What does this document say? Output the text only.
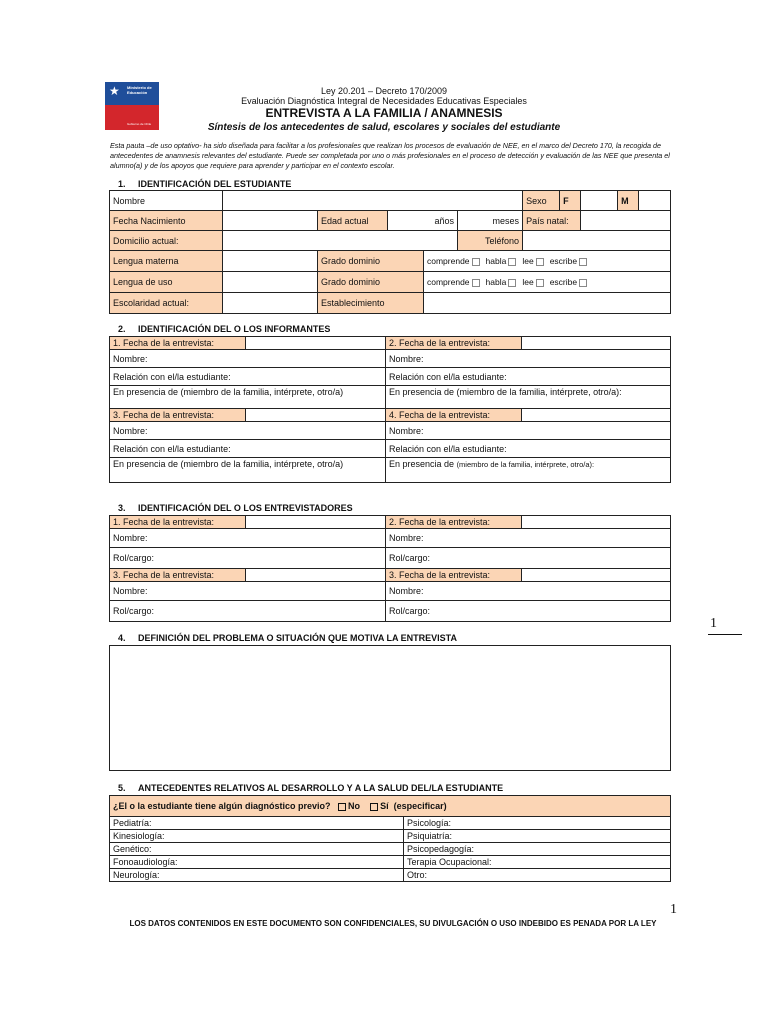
★ Ministerio de Educación
Gobierno de Chile
Ley 20.201 – Decreto 170/2009
Evaluación Diagnóstica Integral de Necesidades Educativas Especiales
ENTREVISTA A LA FAMILIA / ANAMNESIS
Síntesis de los antecedentes de salud, escolares y sociales del estudiante
Esta pauta –de uso optativo- ha sido diseñada para facilitar a los profesionales que realizan los procesos de evaluación de NEE, en el marco del Decreto 170, la recogida de antecedentes de anamnesis relevantes del estudiante. Puede ser completada por uno o más profesionales en el proceso de detección y evaluación de las NEE que presenta el alumno(a) y de los apoyos que requiere para aprender y participar en el contexto escolar.
1. IDENTIFICACIÓN DEL ESTUDIANTE
Nombre						Sexo	F		M	
Fecha Nacimiento		Edad actual	años		meses	País natal:				
Domicilio actual:					Teléfono					
Lengua materna		Grado dominio		comprende habla lee escribe						
Lengua de uso		Grado dominio		comprende habla lee escribe						
Escolaridad actual:		Establecimiento								
2. IDENTIFICACIÓN DEL O LOS INFORMANTES
1. Fecha de la entrevista:		2. Fecha de la entrevista:	
Nombre:		Nombre:	
Relación con el/la estudiante:		Relación con el/la estudiante:	
En presencia de (miembro de la familia, intérprete, otro/a)		En presencia de (miembro de la familia, intérprete, otro/a):	
3. Fecha de la entrevista:		4. Fecha de la entrevista:	
Nombre:		Nombre:	
Relación con el/la estudiante:		Relación con el/la estudiante:	
En presencia de (miembro de la familia, intérprete, otro/a)		En presencia de (miembro de la familia, intérprete, otro/a):	
3. IDENTIFICACIÓN DEL O LOS ENTREVISTADORES
1. Fecha de la entrevista:		2. Fecha de la entrevista:	
Nombre:		Nombre:	
Rol/cargo:		Rol/cargo:	
3. Fecha de la entrevista:		3. Fecha de la entrevista:	
Nombre:		Nombre:	
Rol/cargo:		Rol/cargo:	
4. DEFINICIÓN DEL PROBLEMA O SITUACIÓN QUE MOTIVA LA ENTREVISTA
1
5. ANTECEDENTES RELATIVOS AL DESARROLLO Y A LA SALUD DEL/LA ESTUDIANTE
¿El o la estudiante tiene algún diagnóstico previo? No Sí (especificar)	
Pediatría:	Psicología:
Kinesiología:	Psiquiatría:
Genético:	Psicopedagogía:
Fonoaudiología:	Terapia Ocupacional:
Neurología:	Otro:
1
LOS DATOS CONTENIDOS EN ESTE DOCUMENTO SON CONFIDENCIALES, SU DIVULGACIÓN O USO INDEBIDO ES PENADA POR LA LEY
